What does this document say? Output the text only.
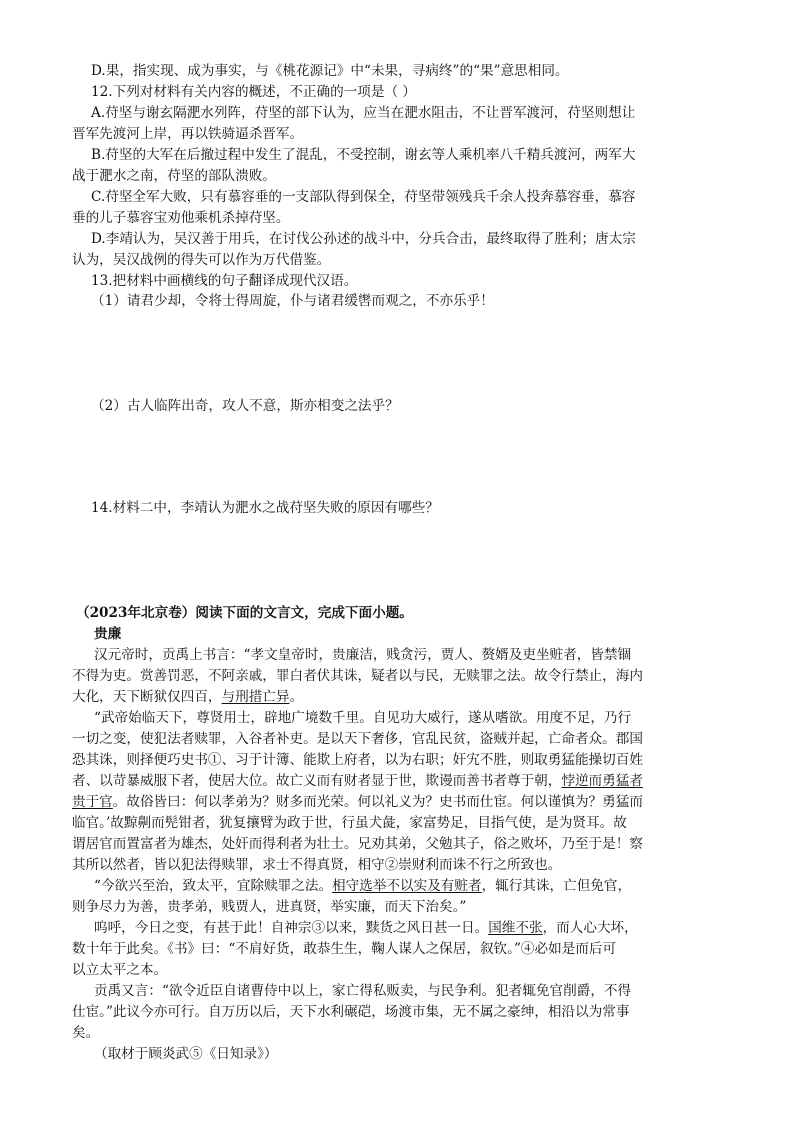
D.果，指实现、成为事实，与《桃花源记》中“未果，寻病终”的“果”意思相同。
12.下列对材料有关内容的概述，不正确的一项是（ ）
A.苻坚与谢玄隔淝水列阵，苻坚的部下认为，应当在淝水阻击，不让晋军渡河，苻坚则想让
晋军先渡河上岸，再以铁骑逼杀晋军。
B.苻坚的大军在后撤过程中发生了混乱，不受控制，谢玄等人乘机率八千精兵渡河，两军大
战于淝水之南，苻坚的部队溃败。
C.苻坚全军大败，只有慕容垂的一支部队得到保全，苻坚带领残兵千余人投奔慕容垂，慕容
垂的儿子慕容宝劝他乘机杀掉苻坚。
D.李靖认为，吴汉善于用兵，在讨伐公孙述的战斗中，分兵合击，最终取得了胜利；唐太宗
认为，吴汉战例的得失可以作为万代借鉴。
13.把材料中画横线的句子翻译成现代汉语。
（1）请君少却，令将士得周旋，仆与诸君缓辔而观之，不亦乐乎！
（2）古人临阵出奇，攻人不意，斯亦相变之法乎？
14.材料二中，李靖认为淝水之战苻坚失败的原因有哪些？
（2023年北京卷）阅读下面的文言文，完成下面小题。
贵廉
汉元帝时，贡禹上书言：“孝文皇帝时，贵廉洁，贱贪污，贾人、赘婿及吏坐赃者，皆禁锢
不得为吏。赏善罚恶，不阿亲戚，罪白者伏其诛，疑者以与民，无赎罪之法。故令行禁止，海内
大化，天下断狱仅四百，与刑措亡异。
“武帝始临天下，尊贤用士，辟地广境数千里。自见功大威行，遂从嗜欲。用度不足，乃行
一切之变，使犯法者赎罪，入谷者补吏。是以天下奢侈，官乱民贫，盗贼并起，亡命者众。郡国
恐其诛，则择便巧史书①、习于计簿、能欺上府者，以为右职；奸宄不胜，则取勇猛能操切百姓
者、以苛暴威服下者，使居大位。故亡义而有财者显于世，欺谩而善书者尊于朝，悖逆而勇猛者
贵于官。故俗皆曰：何以孝弟为？财多而光荣。何以礼义为？史书而仕宦。何以谨慎为？勇猛而
临官。’故黥劓而髡钳者，犹复攘臂为政于世，行虽犬彘，家富势足，目指气使，是为贤耳。故
谓居官而置富者为雄杰，处奸而得利者为壮士。兄劝其弟，父勉其子，俗之败坏，乃至于是！察
其所以然者，皆以犯法得赎罪，求士不得真贤，相守②崇财利而诛不行之所致也。
“今欲兴至治，致太平，宜除赎罪之法。相守选举不以实及有赃者，辄行其诛，亡但免官，
则争尽力为善，贵孝弟，贱贾人，进真贤，举实廉，而天下治矣。”
呜呼，今日之变，有甚于此！自神宗③以来，黩货之风日甚一日。国维不张，而人心大坏，
数十年于此矣。《书》曰：“不肩好货，敢恭生生，鞠人谋人之保居，叙钦。”④必如是而后可
以立太平之本。
贡禹又言：“欲令近臣自诸曹侍中以上，家亡得私贩卖，与民争利。犯者辄免官削爵，不得
仕宦。”此议今亦可行。自万历以后，天下水利碾硙，场渡市集，无不属之豪绅，相沿以为常事
矣。
（取材于顾炎武⑤《日知录》）
